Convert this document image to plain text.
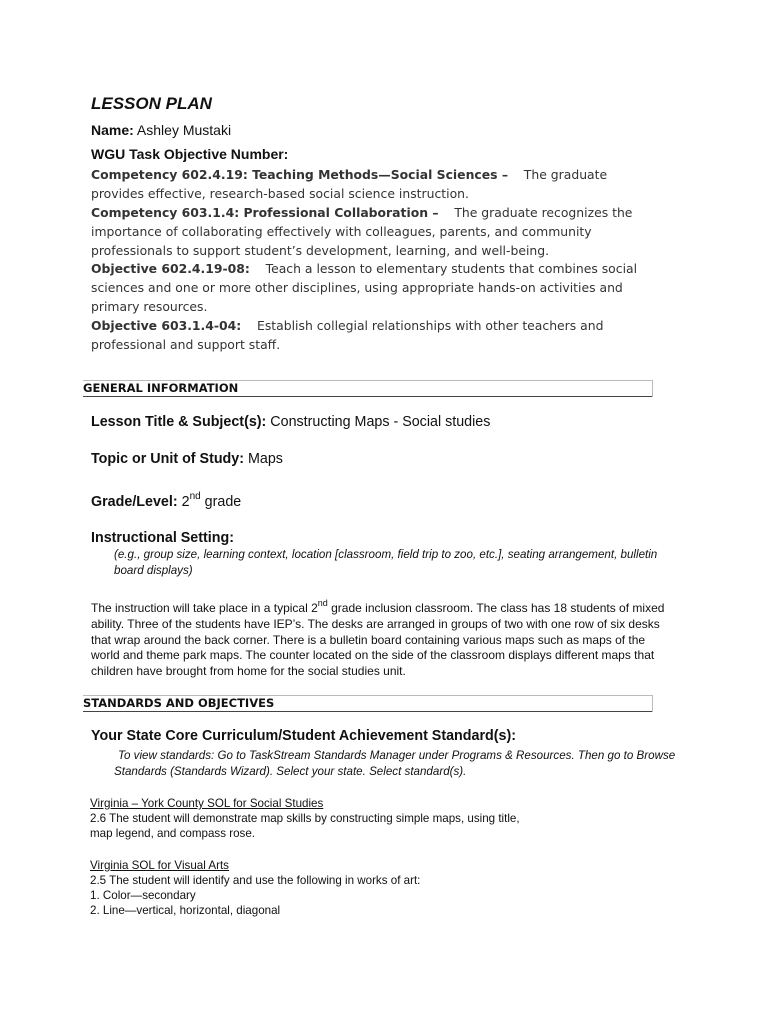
LESSON PLAN
Name: Ashley Mustaki
WGU Task Objective Number:
Competency 602.4.19: Teaching Methods—Social Sciences – The graduate provides effective, research-based social science instruction.
Competency 603.1.4: Professional Collaboration – The graduate recognizes the importance of collaborating effectively with colleagues, parents, and community professionals to support student’s development, learning, and well-being.
Objective 602.4.19-08: Teach a lesson to elementary students that combines social sciences and one or more other disciplines, using appropriate hands-on activities and primary resources.
Objective 603.1.4-04: Establish collegial relationships with other teachers and professional and support staff.
GENERAL INFORMATION
Lesson Title & Subject(s): Constructing Maps - Social studies
Topic or Unit of Study: Maps
Grade/Level: 2nd grade
Instructional Setting:
(e.g., group size, learning context, location [classroom, field trip to zoo, etc.], seating arrangement, bulletin board displays)
The instruction will take place in a typical 2nd grade inclusion classroom. The class has 18 students of mixed ability. Three of the students have IEP’s. The desks are arranged in groups of two with one row of six desks that wrap around the back corner. There is a bulletin board containing various maps such as maps of the world and theme park maps. The counter located on the side of the classroom displays different maps that children have brought from home for the social studies unit.
STANDARDS AND OBJECTIVES
Your State Core Curriculum/Student Achievement Standard(s):
To view standards: Go to TaskStream Standards Manager under Programs & Resources. Then go to Browse Standards (Standards Wizard). Select your state. Select standard(s).
Virginia – York County SOL for Social Studies
2.6 The student will demonstrate map skills by constructing simple maps, using title,
map legend, and compass rose.
Virginia SOL for Visual Arts
2.5 The student will identify and use the following in works of art:
1. Color—secondary
2. Line—vertical, horizontal, diagonal
